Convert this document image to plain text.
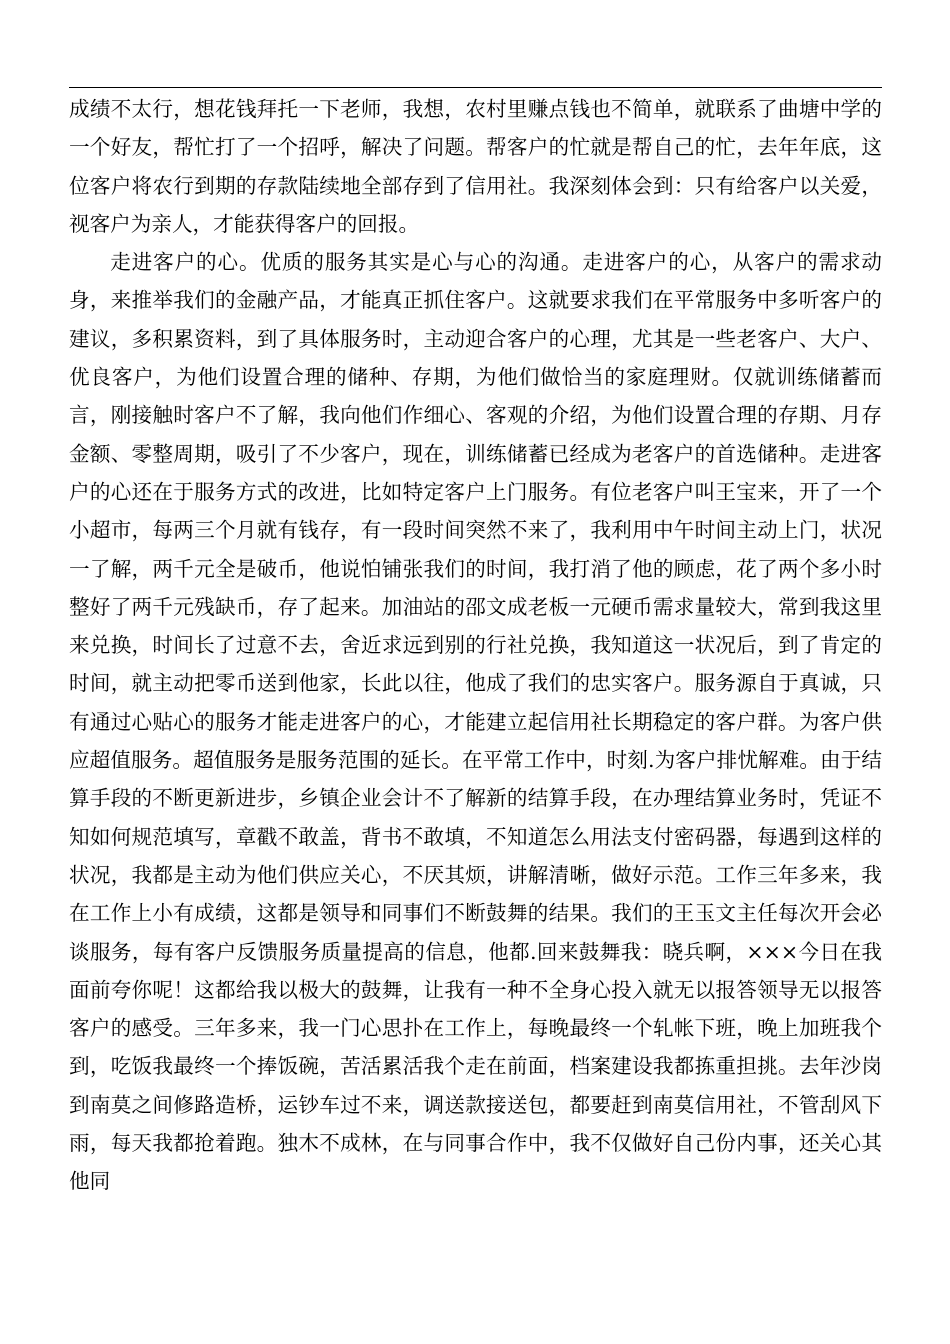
成绩不太行，想花钱拜托一下老师，我想，农村里赚点钱也不简单，就联系了曲塘中学的一个好友，帮忙打了一个招呼，解决了问题。帮客户的忙就是帮自己的忙，去年年底，这位客户将农行到期的存款陆续地全部存到了信用社。我深刻体会到：只有给客户以关爱，视客户为亲人，才能获得客户的回报。

走进客户的心。优质的服务其实是心与心的沟通。走进客户的心，从客户的需求动身，来推举我们的金融产品，才能真正抓住客户。这就要求我们在平常服务中多听客户的建议，多积累资料，到了具体服务时，主动迎合客户的心理，尤其是一些老客户、大户、优良客户，为他们设置合理的储种、存期，为他们做恰当的家庭理财。仅就训练储蓄而言，刚接触时客户不了解，我向他们作细心、客观的介绍，为他们设置合理的存期、月存金额、零整周期，吸引了不少客户，现在，训练储蓄已经成为老客户的首选储种。走进客户的心还在于服务方式的改进，比如特定客户上门服务。有位老客户叫王宝来，开了一个小超市，每两三个月就有钱存，有一段时间突然不来了，我利用中午时间主动上门，状况一了解，两千元全是破币，他说怕铺张我们的时间，我打消了他的顾虑，花了两个多小时整好了两千元残缺币，存了起来。加油站的邵文成老板一元硬币需求量较大，常到我这里来兑换，时间长了过意不去，舍近求远到别的行社兑换，我知道这一状况后，到了肯定的时间，就主动把零币送到他家，长此以往，他成了我们的忠实客户。服务源自于真诚，只有通过心贴心的服务才能走进客户的心，才能建立起信用社长期稳定的客户群。为客户供应超值服务。超值服务是服务范围的延长。在平常工作中，时刻.为客户排忧解难。由于结算手段的不断更新进步，乡镇企业会计不了解新的结算手段，在办理结算业务时，凭证不知如何规范填写，章戳不敢盖，背书不敢填，不知道怎么用法支付密码器，每遇到这样的状况，我都是主动为他们供应关心，不厌其烦，讲解清晰，做好示范。工作三年多来，我在工作上小有成绩，这都是领导和同事们不断鼓舞的结果。我们的王玉文主任每次开会必谈服务，每有客户反馈服务质量提高的信息，他都.回来鼓舞我：晓兵啊，×××今日在我面前夸你呢！这都给我以极大的鼓舞，让我有一种不全身心投入就无以报答领导无以报答客户的感受。三年多来，我一门心思扑在工作上，每晚最终一个轧帐下班，晚上加班我个到，吃饭我最终一个捧饭碗，苦活累活我个走在前面，档案建设我都拣重担挑。去年沙岗到南莫之间修路造桥，运钞车过不来，调送款接送包，都要赶到南莫信用社，不管刮风下雨，每天我都抢着跑。独木不成林，在与同事合作中，我不仅做好自己份内事，还关心其他同
